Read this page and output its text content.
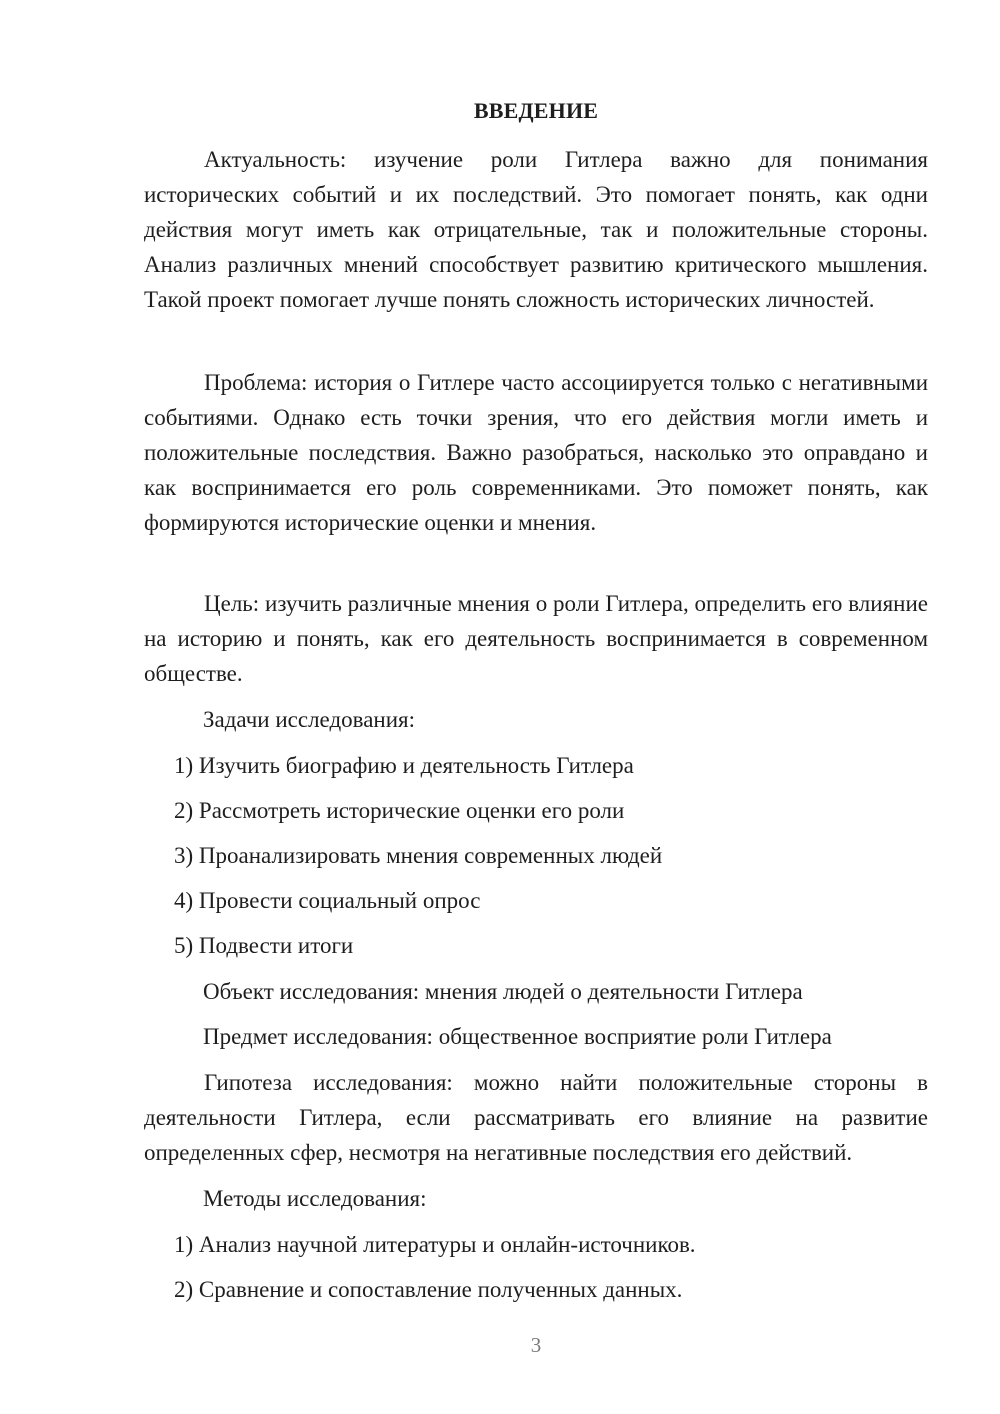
ВВЕДЕНИЕ

Актуальность: изучение роли Гитлера важно для понимания исторических событий и их последствий. Это помогает понять, как одни действия могут иметь как отрицательные, так и положительные стороны. Анализ различных мнений способствует развитию критического мышления. Такой проект помогает лучше понять сложность исторических личностей.

Проблема: история о Гитлере часто ассоциируется только с негативными событиями. Однако есть точки зрения, что его действия могли иметь и положительные последствия. Важно разобраться, насколько это оправдано и как воспринимается его роль современниками. Это поможет понять, как формируются исторические оценки и мнения.

Цель: изучить различные мнения о роли Гитлера, определить его влияние на историю и понять, как его деятельность воспринимается в современном обществе.

Задачи исследования:

1) Изучить биографию и деятельность Гитлера

2) Рассмотреть исторические оценки его роли

3) Проанализировать мнения современных людей

4) Провести социальный опрос

5) Подвести итоги

Объект исследования: мнения людей о деятельности Гитлера

Предмет исследования: общественное восприятие роли Гитлера

Гипотеза исследования: можно найти положительные стороны в деятельности Гитлера, если рассматривать его влияние на развитие определенных сфер, несмотря на негативные последствия его действий.

Методы исследования:

1) Анализ научной литературы и онлайн-источников.

2) Сравнение и сопоставление полученных данных.

3
